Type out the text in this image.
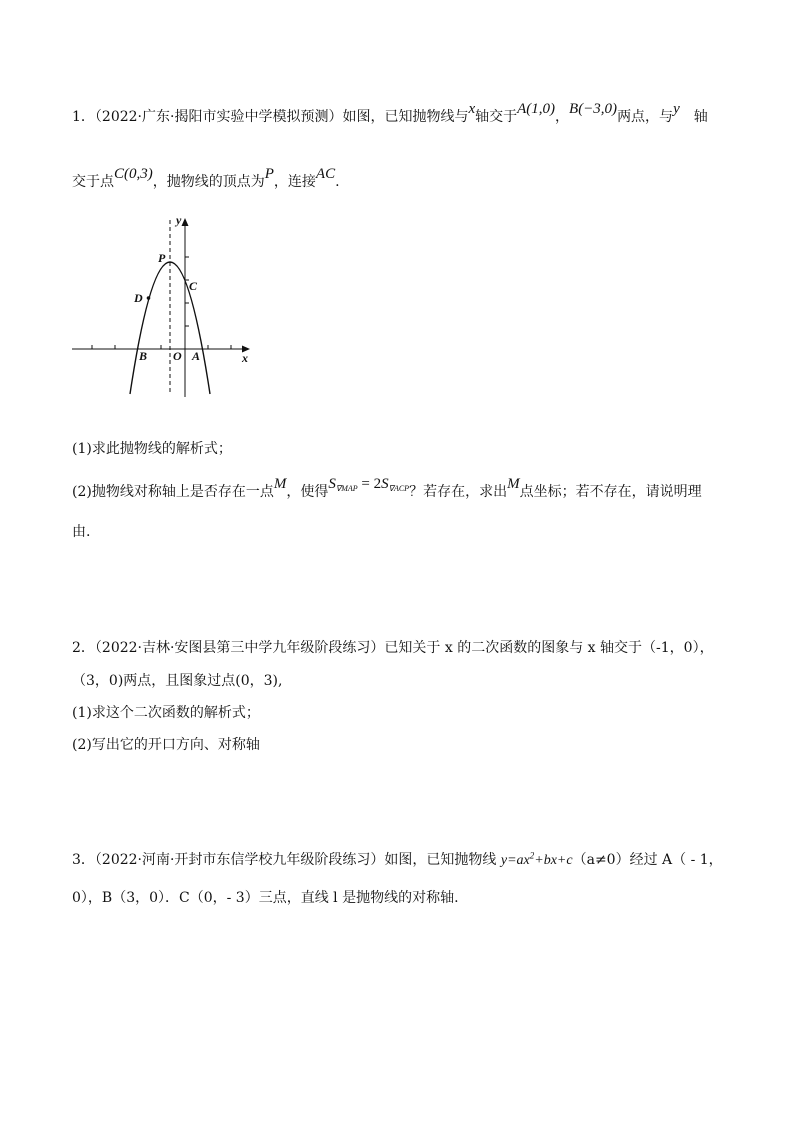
1．（2022·广东·揭阳市实验中学模拟预测）如图，已知抛物线与x轴交于A(1,0)，B(−3,0)两点，与y 轴
交于点C(0,3)，抛物线的顶点为P，连接AC.
y
x
P
C
D
B O A
(1)求此抛物线的解析式；
(2)抛物线对称轴上是否存在一点M，使得$S_{\nabla MAP} = 2S_{\nabla ACP}$？若存在，求出M点坐标；若不存在，请说明理
由.
2．（2022·吉林·安图县第三中学九年级阶段练习）已知关于 x 的二次函数的图象与 x 轴交于（-1，0），
（3，0)两点，且图象过点(0，3),
(1)求这个二次函数的解析式；
(2)写出它的开口方向、对称轴
3．（2022·河南·开封市东信学校九年级阶段练习）如图，已知抛物线 $y=ax^2+bx+c(a\ne 0)$经过 A（ - 1，
0），B（3，0）．C（0，- 3）三点，直线 l 是抛物线的对称轴.
